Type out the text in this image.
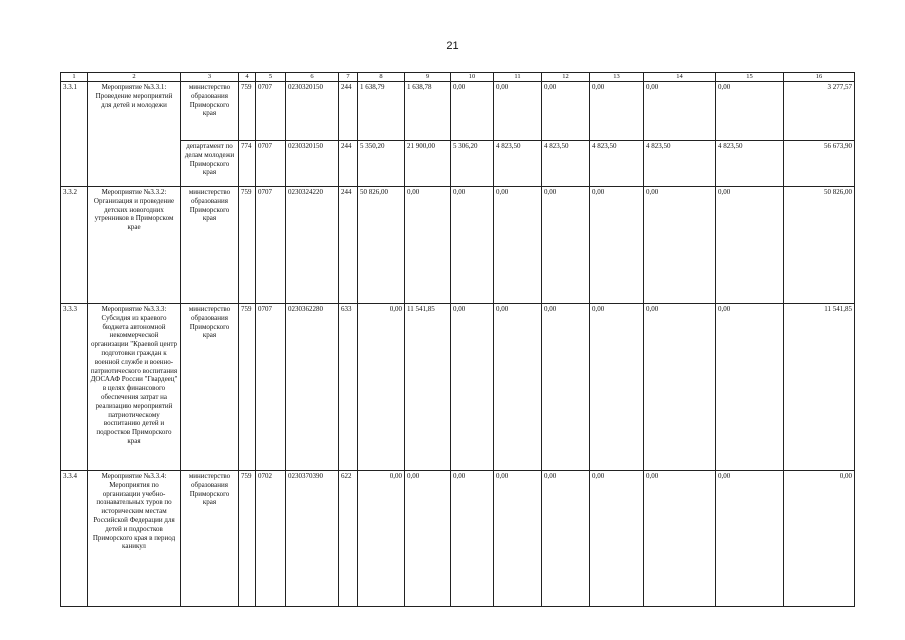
21
1	2	3	4	5	6	7	8	9	10	11	12	13	14	15	16
3.3.1	Мероприятие №3.3.1: Проведение мероприятий для детей и молодежи	министерство образования Приморского края	759	0707	0230320150	244	1 638,79	1 638,78	0,00	0,00	0,00	0,00	0,00	0,00	3 277,57
		департамент по делам молодежи Приморского края	774	0707	0230320150	244	5 350,20	21 900,00	5 306,20	4 823,50	4 823,50	4 823,50	4 823,50	4 823,50	56 673,90
3.3.2	Мероприятие №3.3.2: Организация и проведение детских новогодних утренников в Приморском крае	министерство образования Приморского края	759	0707	0230324220	244	50 826,00	0,00	0,00	0,00	0,00	0,00	0,00	0,00	50 826,00
3.3.3	Мероприятие №3.3.3: Субсидия из краевого бюджета автономной некоммерческой организации "Краевой центр подготовки граждан к военной службе и военно-патриотического воспитания ДОСААФ России "Гвардеец" в целях финансового обеспечения затрат на реализацию мероприятий патриотическому воспитанию детей и подростков Приморского края	министерство образования Приморского края	759	0707	0230362280	633	0,00	11 541,85	0,00	0,00	0,00	0,00	0,00	0,00	11 541,85
3.3.4	Мероприятие №3.3.4: Мероприятия по организации учебно-познавательных туров по историческим местам Российской Федерации для детей и подростков Приморского края в период каникул	министерство образования Приморского края	759	0702	0230370390	622	0,00	0,00	0,00	0,00	0,00	0,00	0,00	0,00	0,00
